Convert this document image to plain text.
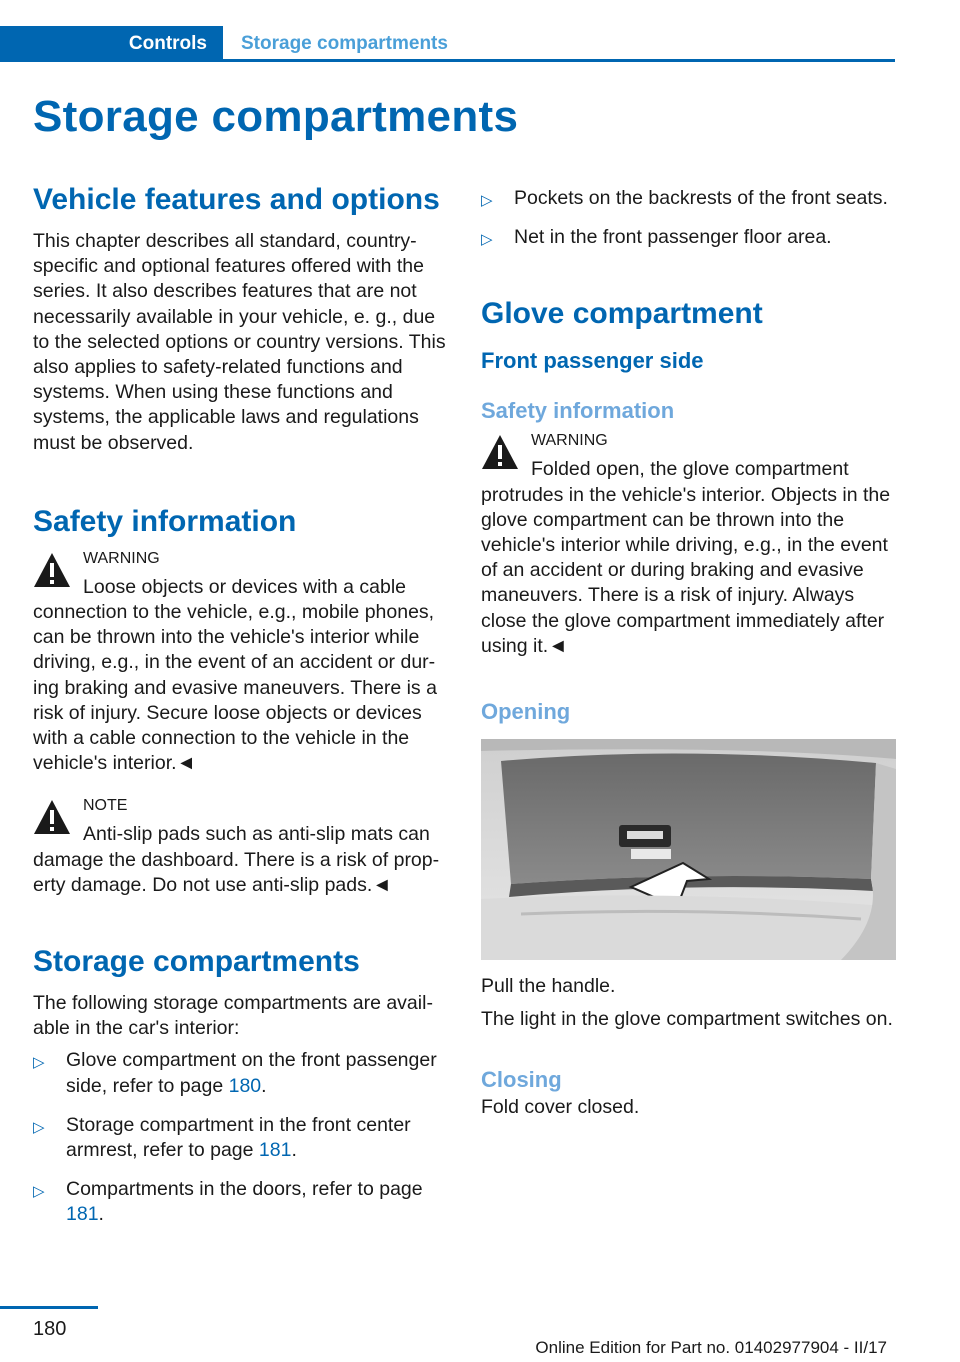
Controls	Storage compartments
Storage compartments
Vehicle features and options

This chapter describes all standard, country-specific and optional features offered with the series. It also describes features that are not necessarily available in your vehicle, e. g., due to the selected options or country versions. This also applies to safety-related functions and systems. When using these functions and systems, the applicable laws and regulations must be observed.

Safety information
WARNING

Loose objects or devices with a cable connection to the vehicle, e.g., mobile phones, can be thrown into the vehicle's interior while driving, e.g., in the event of an accident or during braking and evasive maneuvers. There is a risk of injury. Secure loose objects or devices with a cable connection to the vehicle in the vehicle's interior.◄

NOTE

Anti-slip pads such as anti-slip mats can damage the dashboard. There is a risk of property damage. Do not use anti-slip pads.◄

Storage compartments

The following storage compartments are available in the car's interior:

▷ Glove compartment on the front passenger side, refer to page 180.
▷ Storage compartment in the front center armrest, refer to page 181.
▷ Compartments in the doors, refer to page 181.
▷ Pockets on the backrests of the front seats.
▷ Net in the front passenger floor area.
Glove compartment
Front passenger side
Safety information
WARNING

Folded open, the glove compartment protrudes in the vehicle's interior. Objects in the glove compartment can be thrown into the vehicle's interior while driving, e.g., in the event of an accident or during braking and evasive maneuvers. There is a risk of injury. Always close the glove compartment immediately after using it.◄

Opening

Pull the handle.

The light in the glove compartment switches on.

Closing

Fold cover closed.

180
Online Edition for Part no. 01402977904 - II/17
